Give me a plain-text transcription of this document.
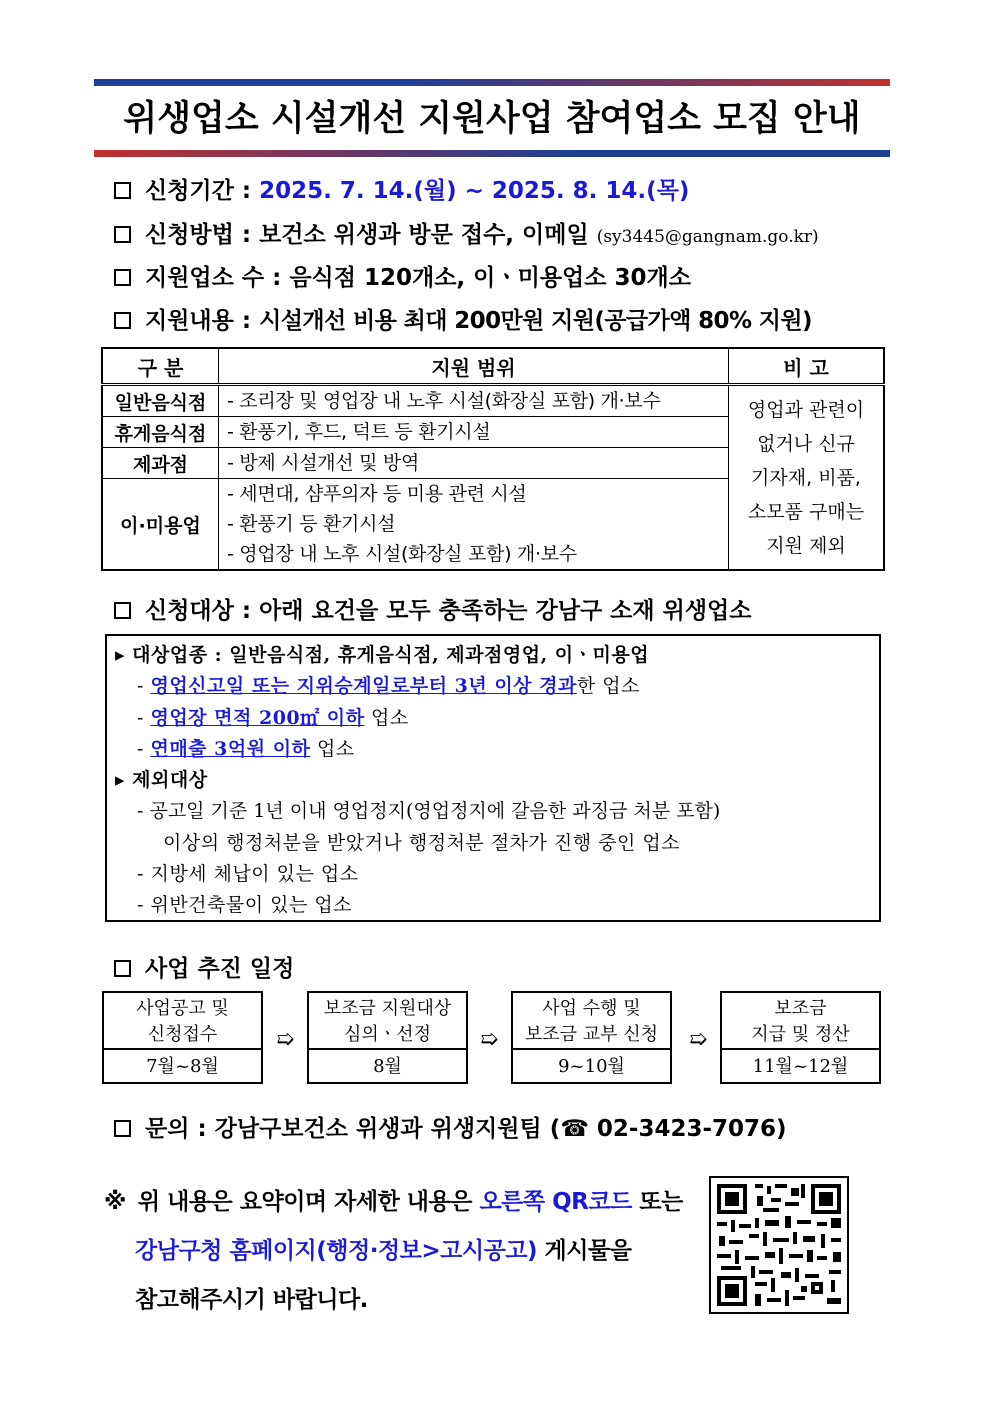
위생업소 시설개선 지원사업 참여업소 모집 안내
신청기간 : 2025. 7. 14.(월) ~ 2025. 8. 14.(목)
신청방법 : 보건소 위생과 방문 접수, 이메일 (sy3445@gangnam.go.kr)
지원업소 수 : 음식점 120개소, 이ㆍ미용업소 30개소
지원내용 : 시설개선 비용 최대 200만원 지원(공급가액 80% 지원)
구 분	지원 범위	비 고
일반음식점	- 조리장 및 영업장 내 노후 시설(화장실 포함) 개·보수	영업과 관련이
없거나 신규
기자재, 비품,
소모품 구매는
지원 제외

휴게음식점	- 환풍기, 후드, 덕트 등 환기시설	
제과점	- 방제 시설개선 및 방역	
이·미용업	- 세면대, 샴푸의자 등 미용 관련 시설
- 환풍기 등 환기시설
- 영업장 내 노후 시설(화장실 포함) 개·보수	
신청대상 : 아래 요건을 모두 충족하는 강남구 소재 위생업소
▸ 대상업종 : 일반음식점, 휴게음식점, 제과점영업, 이ㆍ미용업
- 영업신고일 또는 지위승계일로부터 3년 이상 경과한 업소
- 영업장 면적 200㎡ 이하 업소
- 연매출 3억원 이하 업소
▸ 제외대상
- 공고일 기준 1년 이내 영업정지(영업정지에 갈음한 과징금 처분 포함)
이상의 행정처분을 받았거나 행정처분 절차가 진행 중인 업소
- 지방세 체납이 있는 업소
- 위반건축물이 있는 업소
사업 추진 일정
사업공고 및
신청접수
7월~8월
➯
보조금 지원대상
심의ㆍ선정
8월
➯
사업 수행 및
보조금 교부 신청
9~10월
➯
보조금
지급 및 정산
11월~12월
문의 : 강남구보건소 위생과 위생지원팀 (☎ 02-3423-7076)
※ 위 내용은 요약이며 자세한 내용은 오른쪽 QR코드 또는
강남구청 홈페이지(행정·정보>고시공고) 게시물을
참고해주시기 바랍니다.
